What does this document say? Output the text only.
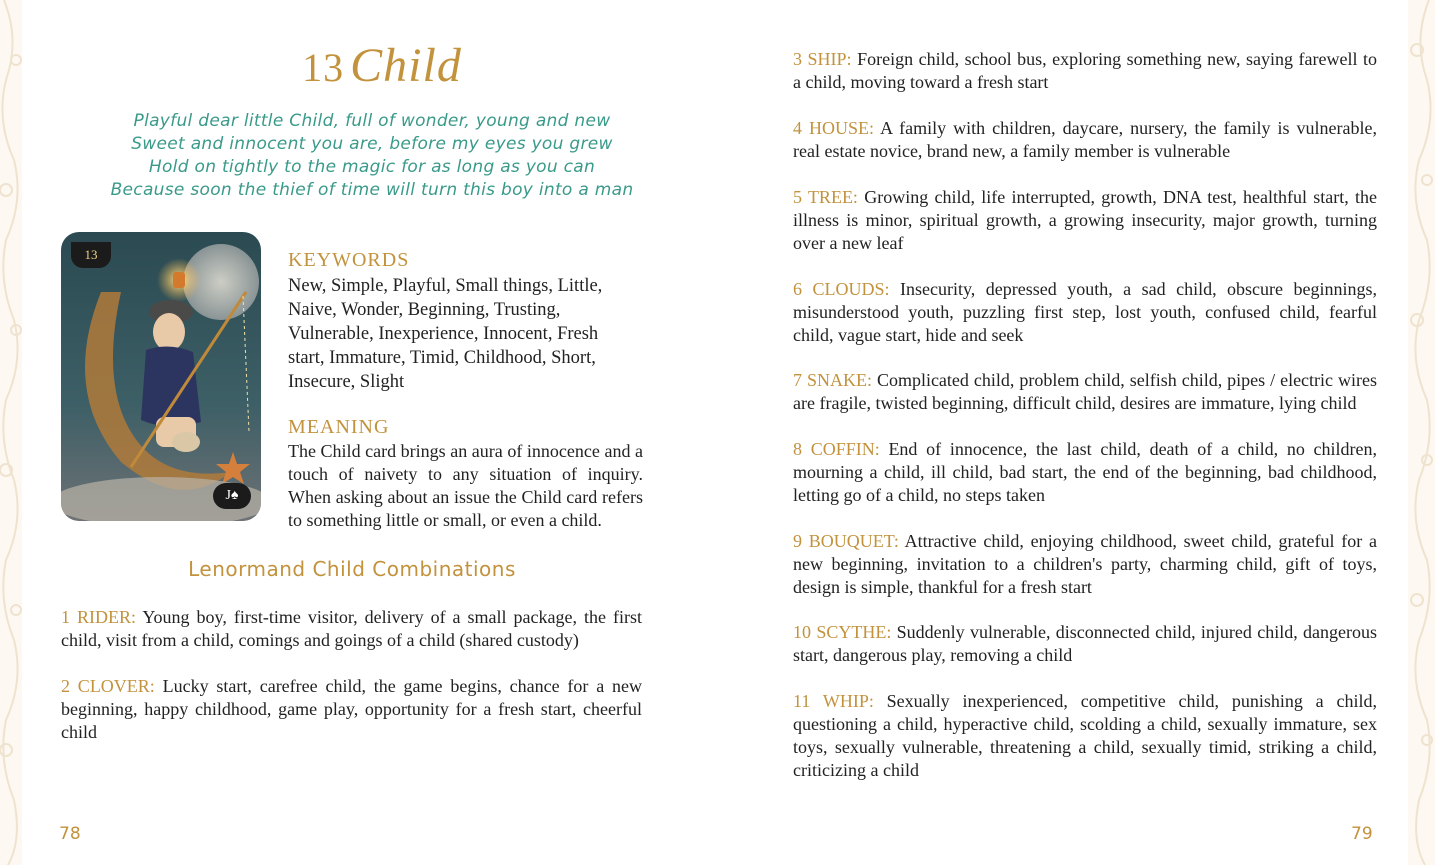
13 Child
Playful dear little Child, full of wonder, young and new
Sweet and innocent you are, before my eyes you grew
Hold on tightly to the magic for as long as you can
Because soon the thief of time will turn this boy into a man
13
J♠
KEYWORDS
New, Simple, Playful, Small things, Little, Naive, Wonder, Beginning, Trusting, Vulnerable, Inexperience, Innocent, Fresh start, Immature, Timid, Childhood, Short, Insecure, Slight
MEANING
The Child card brings an aura of innocence and a touch of naivety to any situation of inquiry. When asking about an issue the Child card refers to something little or small, or even a child.
Lenormand Child Combinations
1 RIDER: Young boy, first-time visitor, delivery of a small package, the first child, visit from a child, comings and goings of a child (shared custody)
2 CLOVER: Lucky start, carefree child, the game begins, chance for a new beginning, happy childhood, game play, opportunity for a fresh start, cheerful child
78
3 SHIP: Foreign child, school bus, exploring something new, saying farewell to a child, moving toward a fresh start
4 HOUSE: A family with children, daycare, nursery, the family is vulnerable, real estate novice, brand new, a family member is vulnerable
5 TREE: Growing child, life interrupted, growth, DNA test, healthful start, the illness is minor, spiritual growth, a growing insecurity, major growth, turning over a new leaf
6 CLOUDS: Insecurity, depressed youth, a sad child, obscure beginnings, misunderstood youth, puzzling first step, lost youth, confused child, fearful child, vague start, hide and seek
7 SNAKE: Complicated child, problem child, selfish child, pipes / electric wires are fragile, twisted beginning, difficult child, desires are immature, lying child
8 COFFIN: End of innocence, the last child, death of a child, no children, mourning a child, ill child, bad start, the end of the beginning, bad childhood, letting go of a child, no steps taken
9 BOUQUET: Attractive child, enjoying childhood, sweet child, grateful for a new beginning, invitation to a children's party, charming child, gift of toys, design is simple, thankful for a fresh start
10 SCYTHE: Suddenly vulnerable, disconnected child, injured child, dangerous start, dangerous play, removing a child
11 WHIP: Sexually inexperienced, competitive child, punishing a child, questioning a child, hyperactive child, scolding a child, sexually immature, sex toys, sexually vulnerable, threatening a child, sexually timid, striking a child, criticizing a child
79
